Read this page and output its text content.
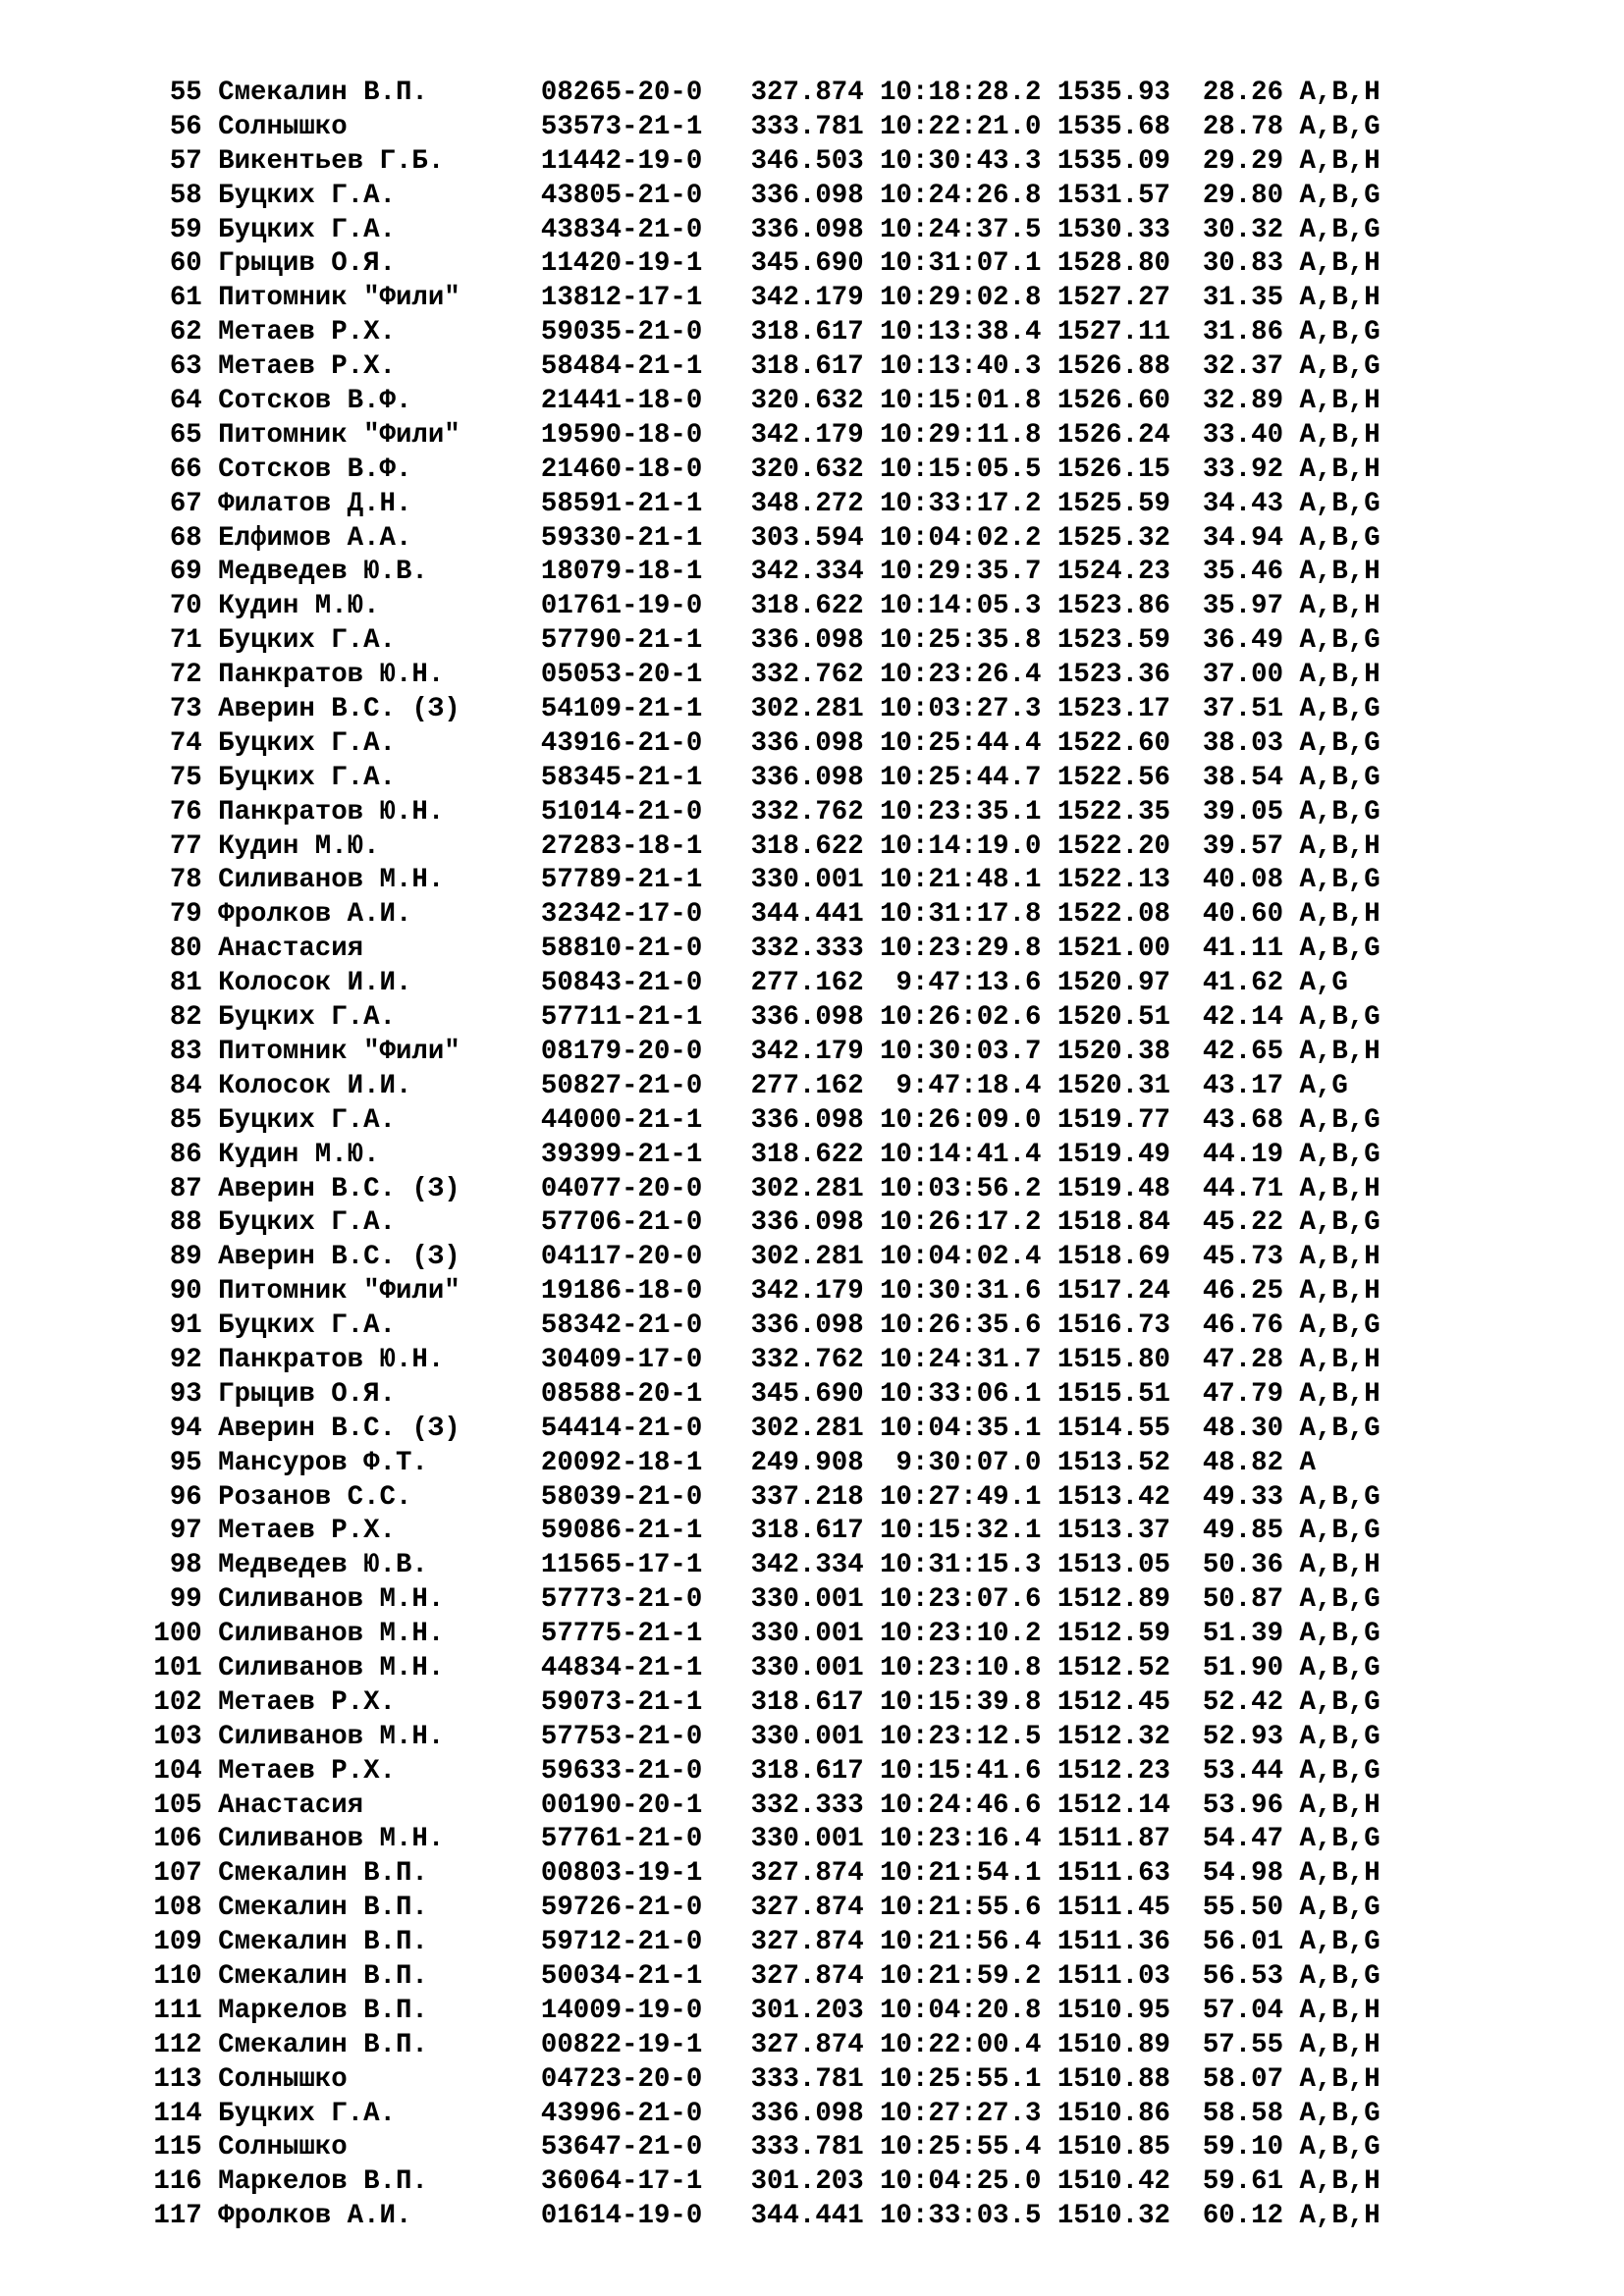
55 Смекалин В.П.       08265-20-0   327.874 10:18:28.2 1535.93  28.26 A,B,H
56 Солнышко            53573-21-1   333.781 10:22:21.0 1535.68  28.78 A,B,G
57 Викентьев Г.Б.      11442-19-0   346.503 10:30:43.3 1535.09  29.29 A,B,H
58 Буцких Г.А.         43805-21-0   336.098 10:24:26.8 1531.57  29.80 A,B,G
59 Буцких Г.А.         43834-21-0   336.098 10:24:37.5 1530.33  30.32 A,B,G
60 Грыцив О.Я.         11420-19-1   345.690 10:31:07.1 1528.80  30.83 A,B,H
61 Питомник "Фили"     13812-17-1   342.179 10:29:02.8 1527.27  31.35 A,B,H
62 Метаев Р.Х.         59035-21-0   318.617 10:13:38.4 1527.11  31.86 A,B,G
63 Метаев Р.Х.         58484-21-1   318.617 10:13:40.3 1526.88  32.37 A,B,G
64 Сотсков В.Ф.        21441-18-0   320.632 10:15:01.8 1526.60  32.89 A,B,H
65 Питомник "Фили"     19590-18-0   342.179 10:29:11.8 1526.24  33.40 A,B,H
66 Сотсков В.Ф.        21460-18-0   320.632 10:15:05.5 1526.15  33.92 A,B,H
67 Филатов Д.Н.        58591-21-1   348.272 10:33:17.2 1525.59  34.43 A,B,G
68 Елфимов А.А.        59330-21-1   303.594 10:04:02.2 1525.32  34.94 A,B,G
69 Медведев Ю.В.       18079-18-1   342.334 10:29:35.7 1524.23  35.46 A,B,H
70 Кудин М.Ю.          01761-19-0   318.622 10:14:05.3 1523.86  35.97 A,B,H
71 Буцких Г.А.         57790-21-1   336.098 10:25:35.8 1523.59  36.49 A,B,G
72 Панкратов Ю.Н.      05053-20-1   332.762 10:23:26.4 1523.36  37.00 A,B,H
73 Аверин В.С. (З)     54109-21-1   302.281 10:03:27.3 1523.17  37.51 A,B,G
74 Буцких Г.А.         43916-21-0   336.098 10:25:44.4 1522.60  38.03 A,B,G
75 Буцких Г.А.         58345-21-1   336.098 10:25:44.7 1522.56  38.54 A,B,G
76 Панкратов Ю.Н.      51014-21-0   332.762 10:23:35.1 1522.35  39.05 A,B,G
77 Кудин М.Ю.          27283-18-1   318.622 10:14:19.0 1522.20  39.57 A,B,H
78 Силиванов М.Н.      57789-21-1   330.001 10:21:48.1 1522.13  40.08 A,B,G
79 Фролков А.И.        32342-17-0   344.441 10:31:17.8 1522.08  40.60 A,B,H
80 Анастасия           58810-21-0   332.333 10:23:29.8 1521.00  41.11 A,B,G
81 Колосок И.И.        50843-21-0   277.162  9:47:13.6 1520.97  41.62 A,G
82 Буцких Г.А.         57711-21-1   336.098 10:26:02.6 1520.51  42.14 A,B,G
83 Питомник "Фили"     08179-20-0   342.179 10:30:03.7 1520.38  42.65 A,B,H
84 Колосок И.И.        50827-21-0   277.162  9:47:18.4 1520.31  43.17 A,G
85 Буцких Г.А.         44000-21-1   336.098 10:26:09.0 1519.77  43.68 A,B,G
86 Кудин М.Ю.          39399-21-1   318.622 10:14:41.4 1519.49  44.19 A,B,G
87 Аверин В.С. (З)     04077-20-0   302.281 10:03:56.2 1519.48  44.71 A,B,H
88 Буцких Г.А.         57706-21-0   336.098 10:26:17.2 1518.84  45.22 A,B,G
89 Аверин В.С. (З)     04117-20-0   302.281 10:04:02.4 1518.69  45.73 A,B,H
90 Питомник "Фили"     19186-18-0   342.179 10:30:31.6 1517.24  46.25 A,B,H
91 Буцких Г.А.         58342-21-0   336.098 10:26:35.6 1516.73  46.76 A,B,G
92 Панкратов Ю.Н.      30409-17-0   332.762 10:24:31.7 1515.80  47.28 A,B,H
93 Грыцив О.Я.         08588-20-1   345.690 10:33:06.1 1515.51  47.79 A,B,H
94 Аверин В.С. (З)     54414-21-0   302.281 10:04:35.1 1514.55  48.30 A,B,G
95 Мансуров Ф.Т.       20092-18-1   249.908  9:30:07.0 1513.52  48.82 A
96 Розанов С.С.        58039-21-0   337.218 10:27:49.1 1513.42  49.33 A,B,G
97 Метаев Р.Х.         59086-21-1   318.617 10:15:32.1 1513.37  49.85 A,B,G
98 Медведев Ю.В.       11565-17-1   342.334 10:31:15.3 1513.05  50.36 A,B,H
99 Силиванов М.Н.      57773-21-0   330.001 10:23:07.6 1512.89  50.87 A,B,G
100 Силиванов М.Н.      57775-21-1   330.001 10:23:10.2 1512.59  51.39 A,B,G
101 Силиванов М.Н.      44834-21-1   330.001 10:23:10.8 1512.52  51.90 A,B,G
102 Метаев Р.Х.         59073-21-1   318.617 10:15:39.8 1512.45  52.42 A,B,G
103 Силиванов М.Н.      57753-21-0   330.001 10:23:12.5 1512.32  52.93 A,B,G
104 Метаев Р.Х.         59633-21-0   318.617 10:15:41.6 1512.23  53.44 A,B,G
105 Анастасия           00190-20-1   332.333 10:24:46.6 1512.14  53.96 A,B,H
106 Силиванов М.Н.      57761-21-0   330.001 10:23:16.4 1511.87  54.47 A,B,G
107 Смекалин В.П.       00803-19-1   327.874 10:21:54.1 1511.63  54.98 A,B,H
108 Смекалин В.П.       59726-21-0   327.874 10:21:55.6 1511.45  55.50 A,B,G
109 Смекалин В.П.       59712-21-0   327.874 10:21:56.4 1511.36  56.01 A,B,G
110 Смекалин В.П.       50034-21-1   327.874 10:21:59.2 1511.03  56.53 A,B,G
111 Маркелов В.П.       14009-19-0   301.203 10:04:20.8 1510.95  57.04 A,B,H
112 Смекалин В.П.       00822-19-1   327.874 10:22:00.4 1510.89  57.55 A,B,H
113 Солнышко            04723-20-0   333.781 10:25:55.1 1510.88  58.07 A,B,H
114 Буцких Г.А.         43996-21-0   336.098 10:27:27.3 1510.86  58.58 A,B,G
115 Солнышко            53647-21-0   333.781 10:25:55.4 1510.85  59.10 A,B,G
116 Маркелов В.П.       36064-17-1   301.203 10:04:25.0 1510.42  59.61 A,B,H
117 Фролков А.И.        01614-19-0   344.441 10:33:03.5 1510.32  60.12 A,B,H
